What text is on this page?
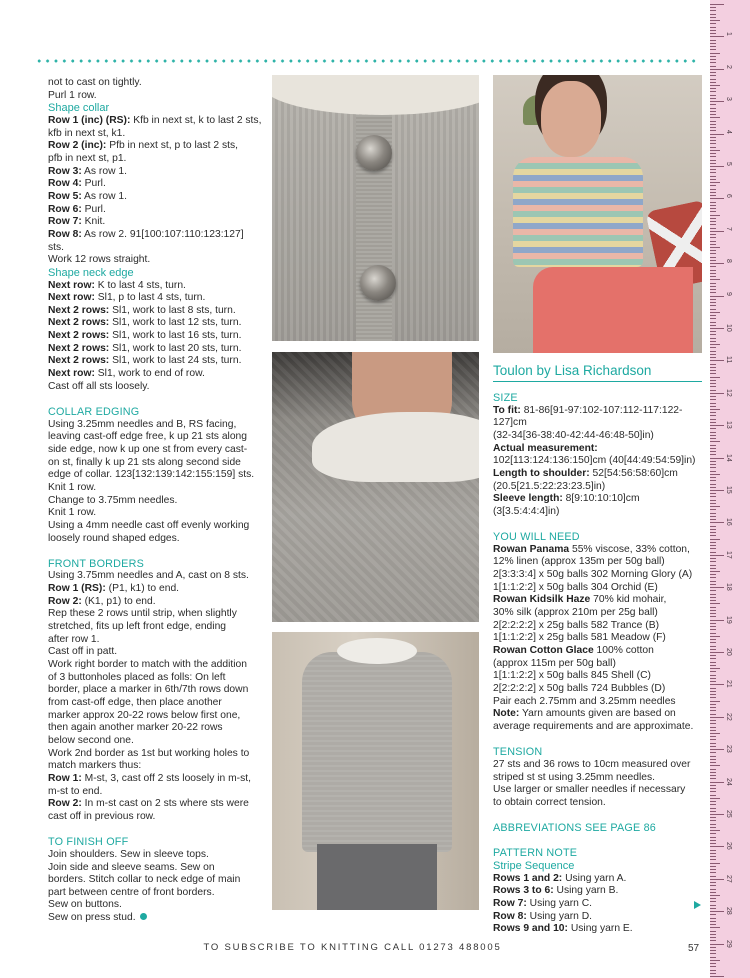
not to cast on tightly.

Purl 1 row.

Shape collar

Row 1 (inc) (RS): Kfb in next st, k to last 2 sts,

kfb in next st, k1.

Row 2 (inc): Pfb in next st, p to last 2 sts,

pfb in next st, p1.

Row 3: As row 1.

Row 4: Purl.

Row 5: As row 1.

Row 6: Purl.

Row 7: Knit.

Row 8: As row 2. 91[100:107:110:123:127] sts.

Work 12 rows straight.

Shape neck edge

Next row: K to last 4 sts, turn.

Next row: Sl1, p to last 4 sts, turn.

Next 2 rows: Sl1, work to last 8 sts, turn.

Next 2 rows: Sl1, work to last 12 sts, turn.

Next 2 rows: Sl1, work to last 16 sts, turn.

Next 2 rows: Sl1, work to last 20 sts, turn.

Next 2 rows: Sl1, work to last 24 sts, turn.

Next row: Sl1, work to end of row.

Cast off all sts loosely.

COLLAR EDGING

Using 3.25mm needles and B, RS facing,

leaving cast-off edge free, k up 21 sts along

side edge, now k up one st from every cast-

on st, finally k up 21 sts along second side

edge of collar. 123[132:139:142:155:159] sts.

Knit 1 row.

Change to 3.75mm needles.

Knit 1 row.

Using a 4mm needle cast off evenly working

loosely round shaped edges.

FRONT BORDERS

Using 3.75mm needles and A, cast on 8 sts.

Row 1 (RS): (P1, k1) to end.

Row 2: (K1, p1) to end.

Rep these 2 rows until strip, when slightly

stretched, fits up left front edge, ending

after row 1.

Cast off in patt.

Work right border to match with the addition

of 3 buttonholes placed as folls: On left

border, place a marker in 6th/7th rows down

from cast-off edge, then place another

marker approx 20-22 rows below first one,

then again another marker 20-22 rows

below second one.

Work 2nd border as 1st but working holes to

match markers thus:

Row 1: M-st, 3, cast off 2 sts loosely in m-st,

m-st to end.

Row 2: In m-st cast on 2 sts where sts were

cast off in previous row.

TO FINISH OFF

Join shoulders. Sew in sleeve tops.

Join side and sleeve seams. Sew on

borders. Stitch collar to neck edge of main

part between centre of front borders.

Sew on buttons.

Sew on press stud.

Toulon by Lisa Richardson

SIZE

To fit: 81-86[91-97:102-107:112-117:122-127]cm

(32-34[36-38:40-42:44-46:48-50]in)

Actual measurement:

102[113:124:136:150]cm (40[44:49:54:59]in)

Length to shoulder: 52[54:56:58:60]cm

(20.5[21.5:22:23:23.5]in)

Sleeve length: 8[9:10:10:10]cm (3[3.5:4:4:4]in)

YOU WILL NEED

Rowan Panama 55% viscose, 33% cotton,

12% linen (approx 135m per 50g ball)

2[3:3:3:4] x 50g balls 302 Morning Glory (A)

1[1:1:2:2] x 50g balls 304 Orchid (E)

Rowan Kidsilk Haze 70% kid mohair,

30% silk (approx 210m per 25g ball)

2[2:2:2:2] x 25g balls 582 Trance (B)

1[1:1:2:2] x 25g balls 581 Meadow (F)

Rowan Cotton Glace 100% cotton

(approx 115m per 50g ball)

1[1:1:2:2] x 50g balls 845 Shell (C)

2[2:2:2:2] x 50g balls 724 Bubbles (D)

Pair each 2.75mm and 3.25mm needles

Note: Yarn amounts given are based on

average requirements and are approximate.

TENSION

27 sts and 36 rows to 10cm measured over

striped st st using 3.25mm needles.

Use larger or smaller needles if necessary

to obtain correct tension.

ABBREVIATIONS SEE PAGE 86

PATTERN NOTE

Stripe Sequence

Rows 1 and 2: Using yarn A.

Rows 3 to 6: Using yarn B.

Row 7: Using yarn C.

Row 8: Using yarn D.

Rows 9 and 10: Using yarn E.

1
2
3
4
5
6
7
8
9
10
11
12
13
14
15
16
17
18
19
20
21
22
23
24
25
26
27
28
29
TO SUBSCRIBE TO KNITTING CALL 01273 488005	57
